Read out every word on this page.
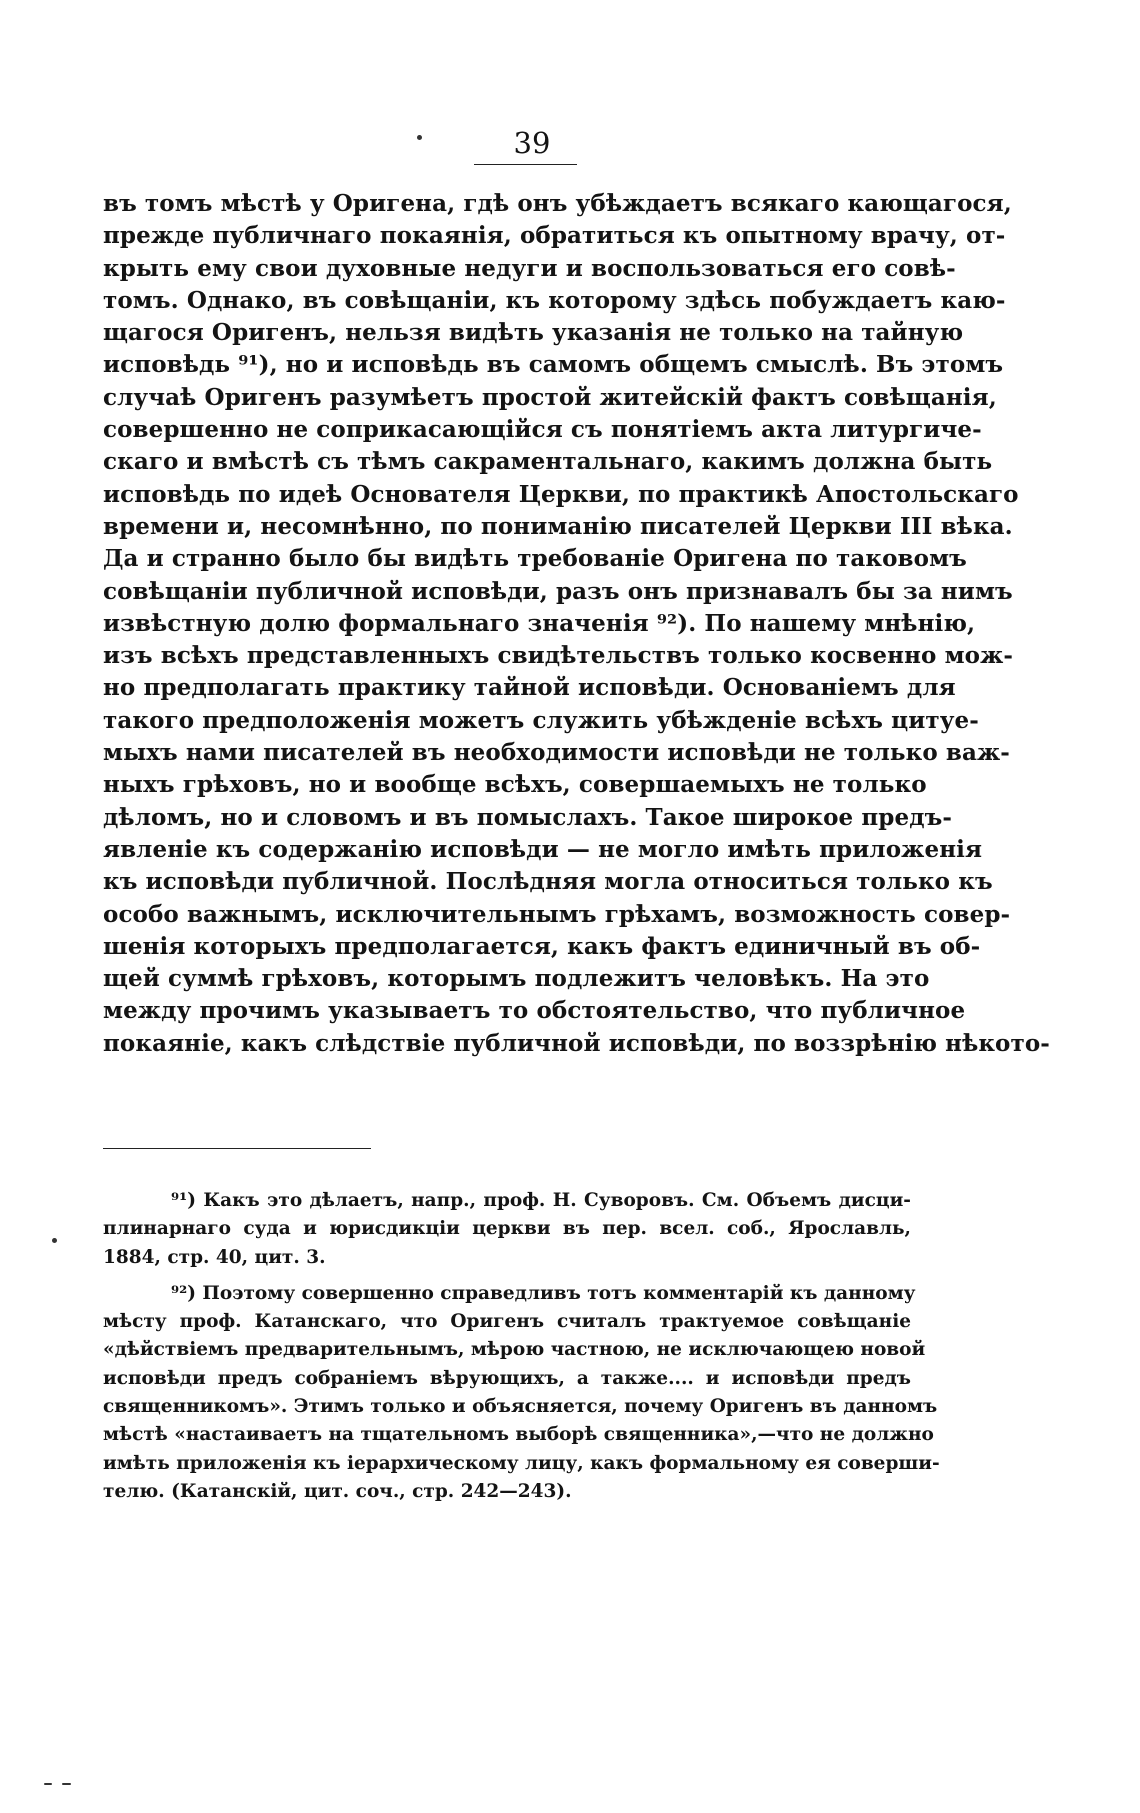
39
въ томъ мѣстѣ у Оригена, гдѣ онъ убѣждаетъ всякаго кающагося,
прежде публичнаго покаянія, обратиться къ опытному врачу, от-
крыть ему свои духовные недуги и воспользоваться его совѣ-
томъ. Однако, въ совѣщаніи, къ которому здѣсь побуждаетъ каю-
щагося Оригенъ, нельзя видѣть указанія не только на тайную
исповѣдь ⁹¹), но и исповѣдь въ самомъ общемъ смыслѣ. Въ этомъ
случаѣ Оригенъ разумѣетъ простой житейскій фактъ совѣщанія,
совершенно не соприкасающійся съ понятіемъ акта литургиче-
скаго и вмѣстѣ съ тѣмъ сакраментальнаго, какимъ должна быть
исповѣдь по идеѣ Основателя Церкви, по практикѣ Апостольскаго
времени и, несомнѣнно, по пониманію писателей Церкви III вѣка.
Да и странно было бы видѣть требованіе Оригена по таковомъ
совѣщаніи публичной исповѣди, разъ онъ признавалъ бы за нимъ
извѣстную долю формальнаго значенія ⁹²). По нашему мнѣнію,
изъ всѣхъ представленныхъ свидѣтельствъ только косвенно мож-
но предполагать практику тайной исповѣди. Основаніемъ для
такого предположенія можетъ служить убѣжденіе всѣхъ цитуе-
мыхъ нами писателей въ необходимости исповѣди не только важ-
ныхъ грѣховъ, но и вообще всѣхъ, совершаемыхъ не только
дѣломъ, но и словомъ и въ помыслахъ. Такое широкое предъ-
явленіе къ содержанію исповѣди — не могло имѣть приложенія
къ исповѣди публичной. Послѣдняя могла относиться только къ
особо важнымъ, исключительнымъ грѣхамъ, возможность совер-
шенія которыхъ предполагается, какъ фактъ единичный въ об-
щей суммѣ грѣховъ, которымъ подлежитъ человѣкъ. На это
между прочимъ указываетъ то обстоятельство, что публичное
покаяніе, какъ слѣдствіе публичной исповѣди, по воззрѣнію нѣкото-
⁹¹) Какъ это дѣлаетъ, напр., проф. Н. Суворовъ. См. Объемъ дисци-
плинарнаго суда и юрисдикціи церкви въ пер. всел. соб., Ярославль,
1884, стр. 40, цит. 3.
⁹²) Поэтому совершенно справедливъ тотъ комментарій къ данному
мѣсту проф. Катанскаго, что Оригенъ считалъ трактуемое совѣщаніе
«дѣйствіемъ предварительнымъ, мѣрою частною, не исключающею новой
исповѣди предъ собраніемъ вѣрующихъ, а также.... и исповѣди предъ
священникомъ». Этимъ только и объясняется, почему Оригенъ въ данномъ
мѣстѣ «настаиваетъ на тщательномъ выборѣ священника»,—что не должно
имѣть приложенія къ іерархическому лицу, какъ формальному ея соверши-
телю. (Катанскій, цит. соч., стр. 242—243).
